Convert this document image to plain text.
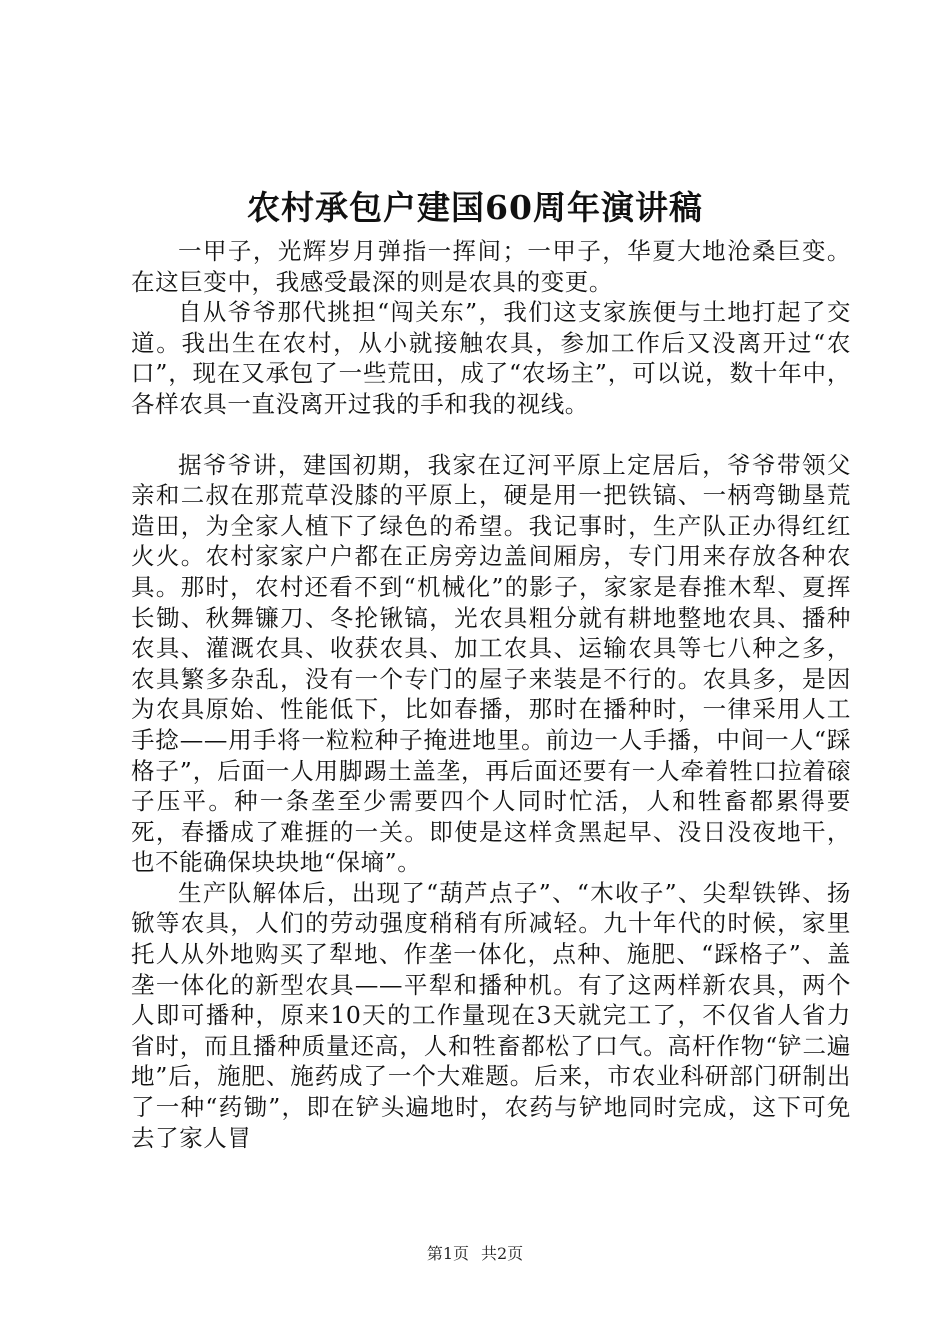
农村承包户建国60周年演讲稿

一甲子，光辉岁月弹指一挥间；一甲子，华夏大地沧桑巨变。在这巨变中，我感受最深的则是农具的变更。

自从爷爷那代挑担“闯关东”，我们这支家族便与土地打起了交道。我出生在农村，从小就接触农具，参加工作后又没离开过“农口”，现在又承包了一些荒田，成了“农场主”，可以说，数十年中，各样农具一直没离开过我的手和我的视线。

据爷爷讲，建国初期，我家在辽河平原上定居后，爷爷带领父亲和二叔在那荒草没膝的平原上，硬是用一把铁镐、一柄弯锄垦荒造田，为全家人植下了绿色的希望。我记事时，生产队正办得红红火火。农村家家户户都在正房旁边盖间厢房，专门用来存放各种农具。那时，农村还看不到“机械化”的影子，家家是春推木犁、夏挥长锄、秋舞镰刀、冬抡锹镐，光农具粗分就有耕地整地农具、播种农具、灌溉农具、收获农具、加工农具、运输农具等七八种之多，农具繁多杂乱，没有一个专门的屋子来装是不行的。农具多，是因为农具原始、性能低下，比如春播，那时在播种时，一律采用人工手捻——用手将一粒粒种子掩进地里。前边一人手播，中间一人“踩格子”，后面一人用脚踢土盖垄，再后面还要有一人牵着牲口拉着磙子压平。种一条垄至少需要四个人同时忙活，人和牲畜都累得要死，春播成了难捱的一关。即使是这样贪黑起早、没日没夜地干，也不能确保块块地“保墒”。

生产队解体后，出现了“葫芦点子”、“木收子”、尖犁铁铧、扬锨等农具，人们的劳动强度稍稍有所减轻。九十年代的时候，家里托人从外地购买了犁地、作垄一体化，点种、施肥、“踩格子”、盖垄一体化的新型农具——平犁和播种机。有了这两样新农具，两个人即可播种，原来10天的工作量现在3天就完工了，不仅省人省力省时，而且播种质量还高，人和牲畜都松了口气。高杆作物“铲二遍地”后，施肥、施药成了一个大难题。后来，市农业科研部门研制出了一种“药锄”，即在铲头遍地时，农药与铲地同时完成，这下可免去了家人冒

第1页 共2页
